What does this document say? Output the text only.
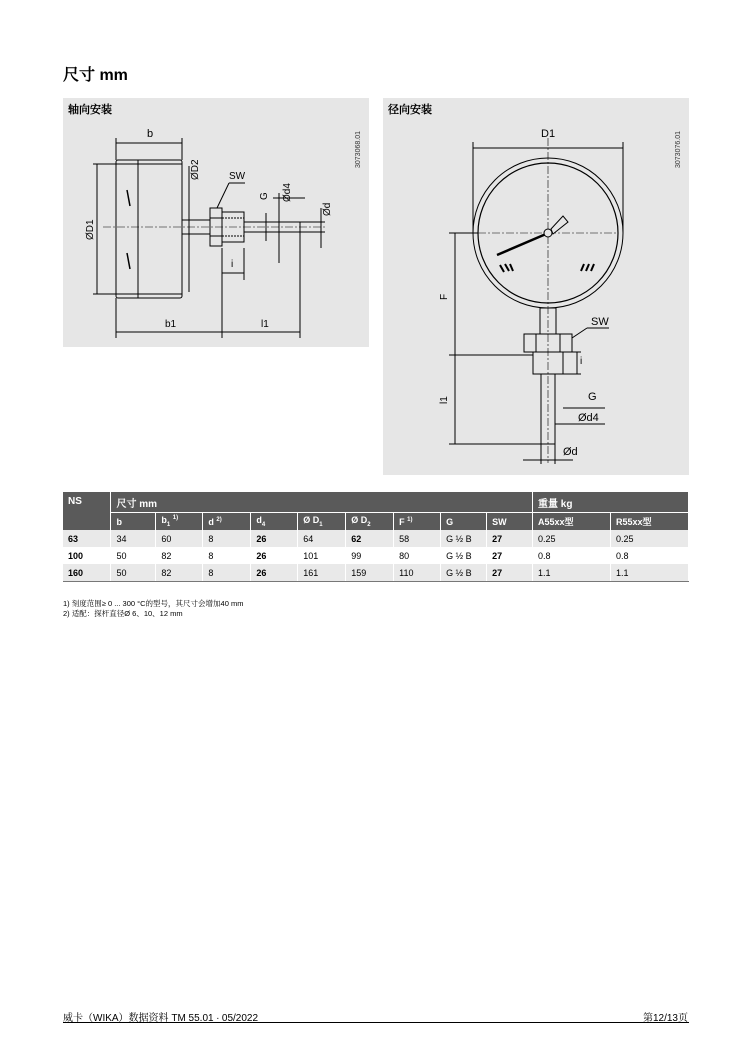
尺寸 mm
轴向安装
3073068.01
b
ØD2	SW
Ød4
G
Ød
ØD1
i
b1	l1
径向安装
3073076.01
D1
F
SW
i
l1	G
Ød4
Ød
NS	尺寸 mm									重量 kg	
	b	$b_1$ $^{1)}$	d $^{2)}$	$d_4$	Ø $D_1$	Ø $D_2$	F $^{1)}$	G	SW	A55xx型	R55xx型
63	34	60	8	26	64	62	58	G ½ B	27	0.25	0.25
100	50	82	8	26	101	99	80	G ½ B	27	0.8	0.8
160	50	82	8	26	161	159	110	G ½ B	27	1.1	1.1
1) 刻度范围≥ 0 ... 300 °C的型号，其尺寸会增加40 mm
2) 适配：探杆直径Ø 6、10、12 mm
威卡（WIKA）数据资料 TM 55.01 ∙ 05/2022	第12/13页
